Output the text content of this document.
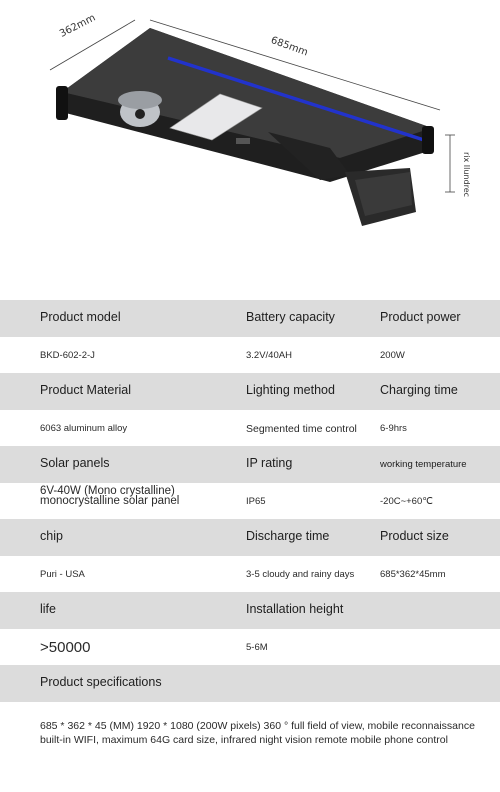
362mm
685mm
rix Ilundrec
Product model	Battery capacity	Product power
BKD-602-2-J	3.2V/40AH	200W
Product Material	Lighting method	Charging time
6063 aluminum alloy	Segmented time control 6-9hrs
Solar panels	IP rating	working temperature
6V-40W (Mono crystalline) monocrystalline solar panel	IP65	-20C~+60℃
chip	Discharge time	Product size
Puri - USA	3-5 cloudy and rainy days	685*362*45mm
life	Installation height
>50000	5-6M
Product specifications
685 * 362 * 45 (MM) 1920 * 1080 (200W pixels) 360 ° full field of view, mobile reconnaissance built-in WIFI, maximum 64G card size, infrared night vision remote mobile phone control
